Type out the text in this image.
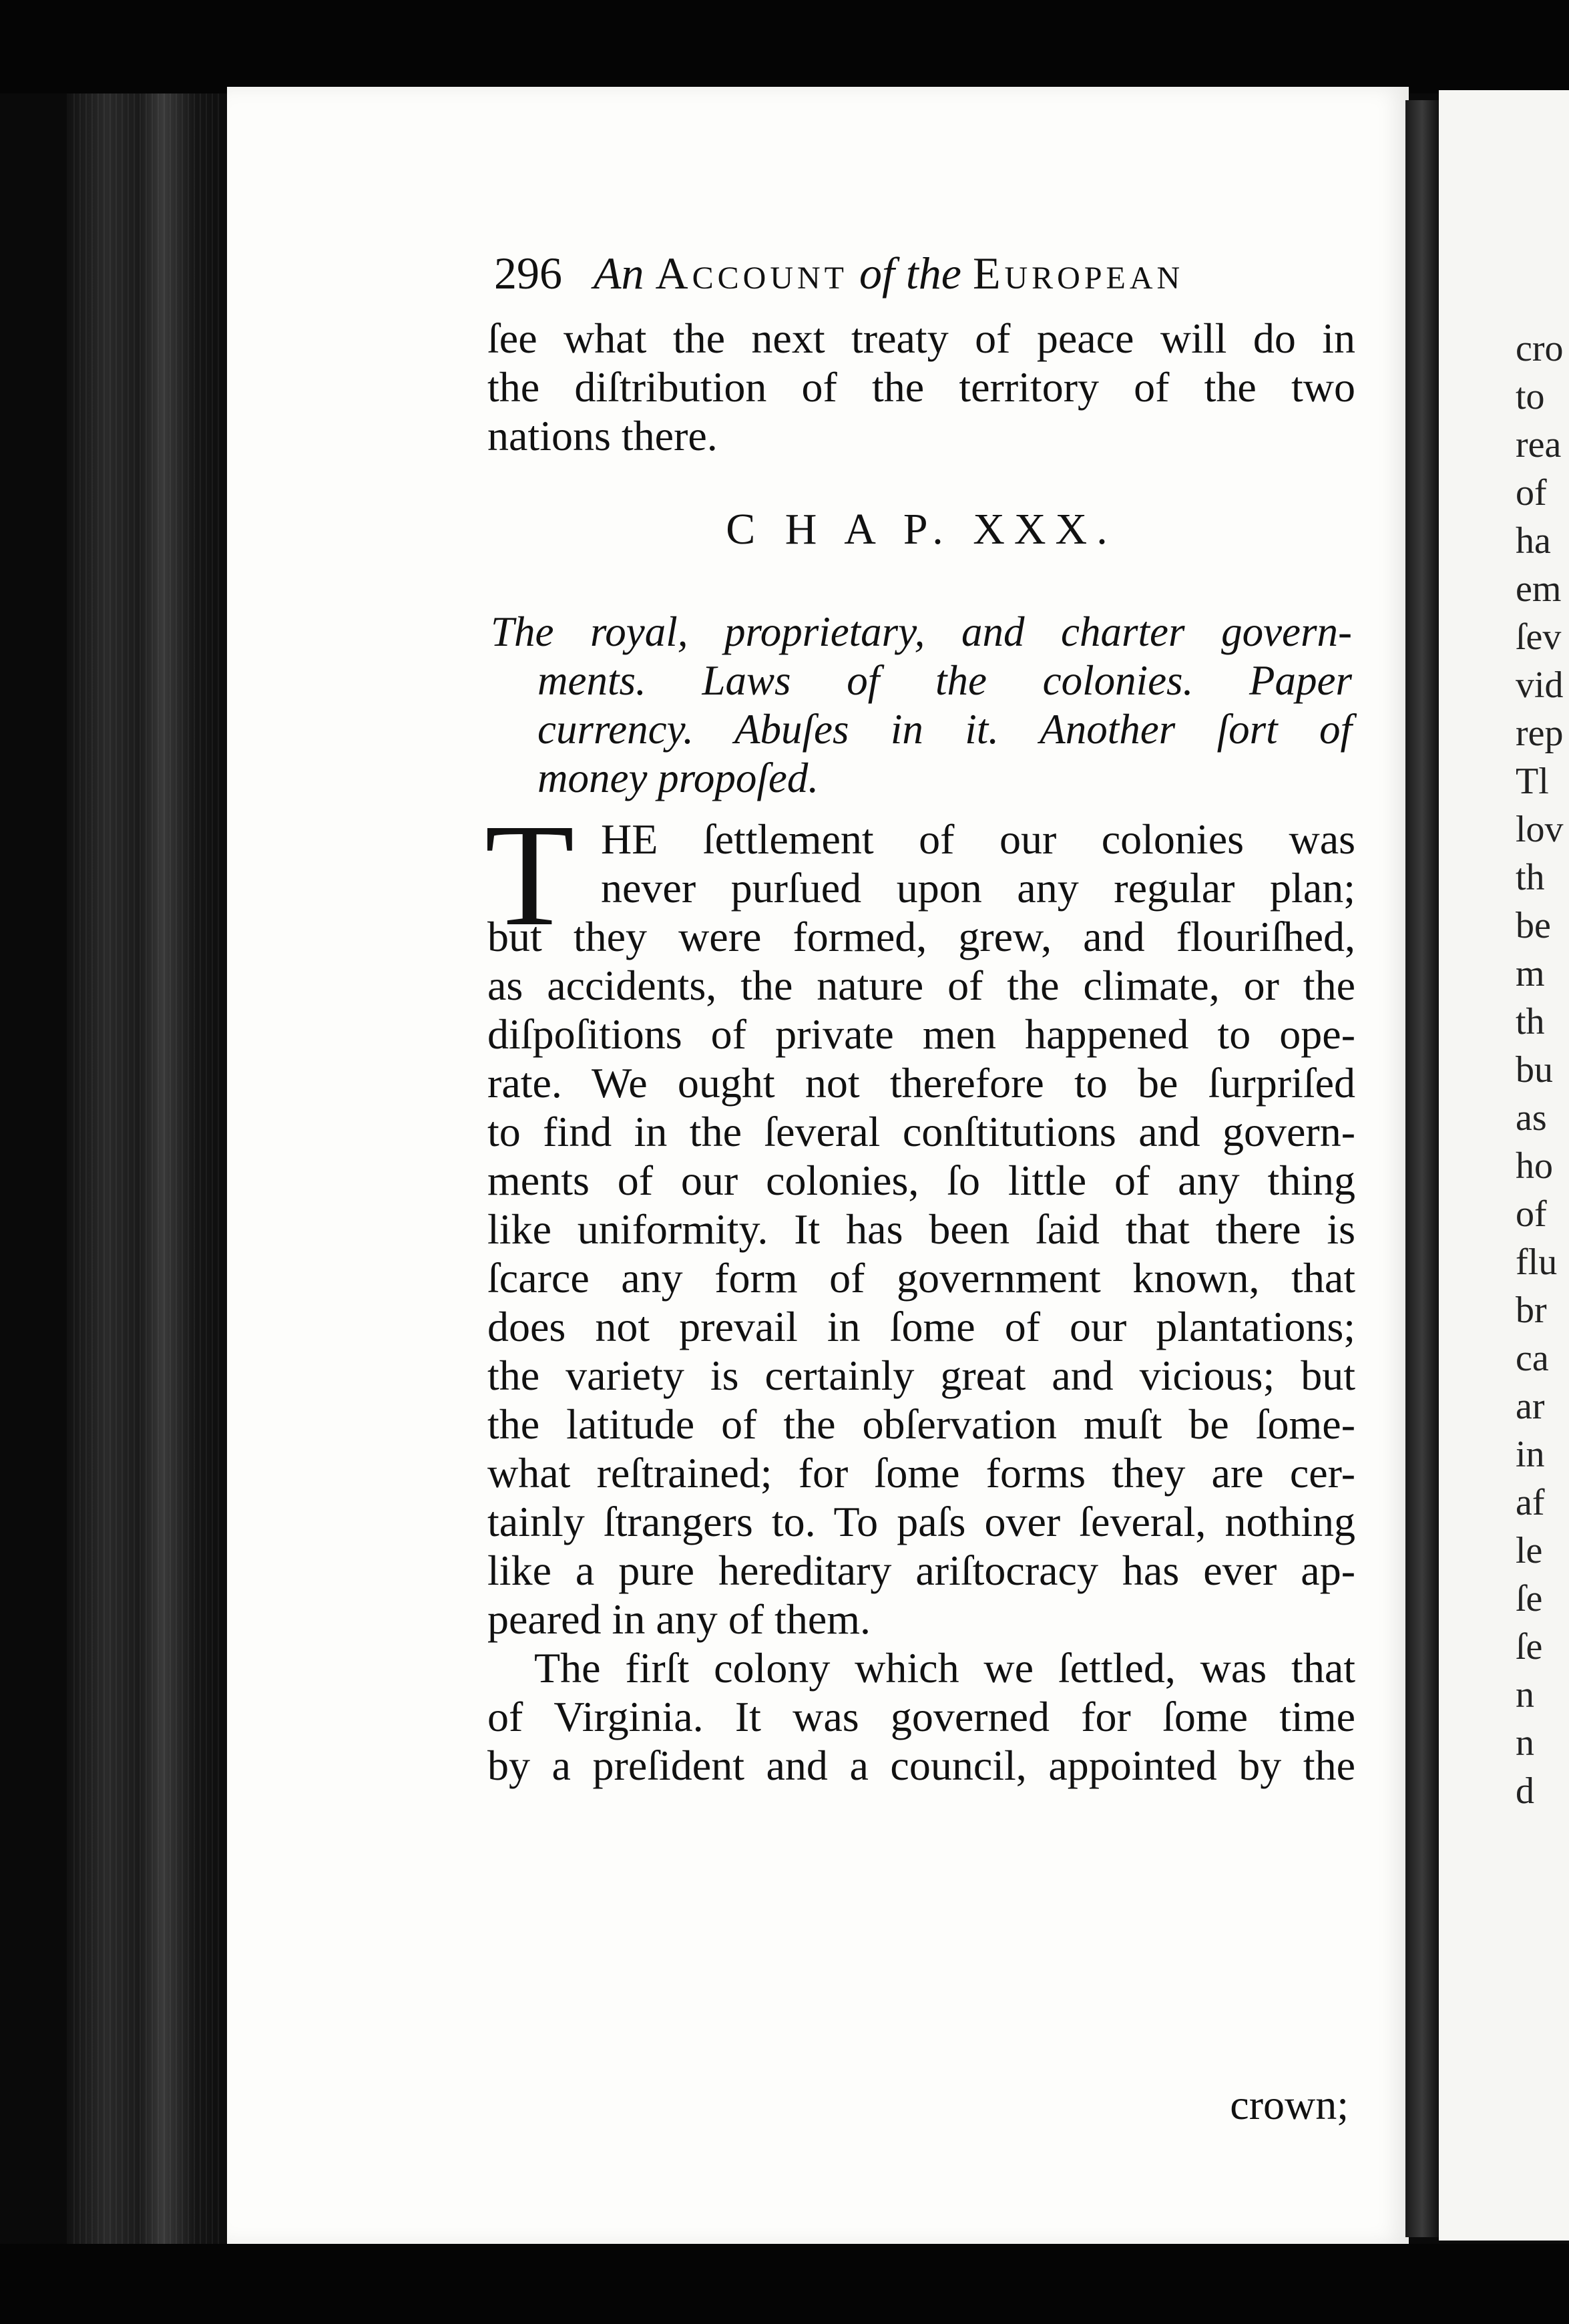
296 An Account of the European
ſee what the next treaty of peace will do in
the diſtribution of the territory of the two
nations there.
C H A P. XXX.
The royal, proprietary, and charter govern-
ments. Laws of the colonies. Paper
currency. Abuſes in it. Another ſort of
money propoſed.
T HE ſettlement of our colonies was
never purſued upon any regular plan;
but they were formed, grew, and flouriſhed,
as accidents, the nature of the climate, or the
diſpoſitions of private men happened to ope-
rate. We ought not therefore to be ſurpriſed
to find in the ſeveral conſtitutions and govern-
ments of our colonies, ſo little of any thing
like uniformity. It has been ſaid that there is
ſcarce any form of government known, that
does not prevail in ſome of our plantations;
the variety is certainly great and vicious; but
the latitude of the obſervation muſt be ſome-
what reſtrained; for ſome forms they are cer-
tainly ſtrangers to. To paſs over ſeveral, nothing
like a pure hereditary ariſtocracy has ever ap-
peared in any of them.
The firſt colony which we ſettled, was that
of Virginia. It was governed for ſome time
by a preſident and a council, appointed by the
crown;
cro
to
rea
of
ha
em
ſev
vid
rep
Tl
lov
th
be
m
th
bu
as
ho
of
flu
br
ca
ar
in
af
le
ſe
ſe
n
n
d
